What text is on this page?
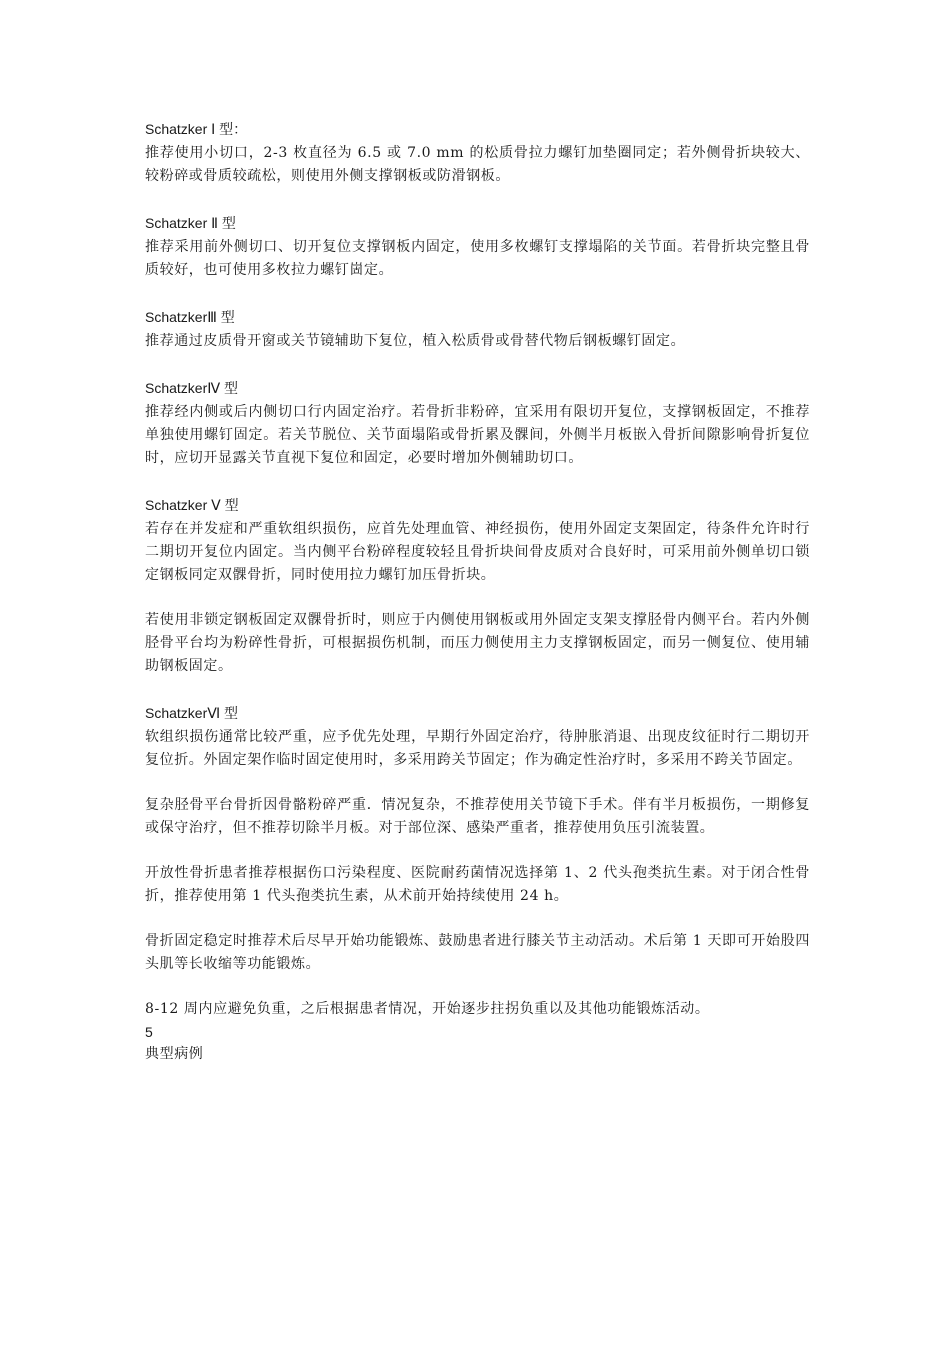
Schatzker Ⅰ 型：

推荐使用小切口，2-3 枚直径为 6.5 或 7.0 mm 的松质骨拉力螺钉加垫圈同定；若外侧骨折块较大、较粉碎或骨质较疏松，则使用外侧支撑钢板或防滑钢板。

Schatzker Ⅱ 型

推荐采用前外侧切口、切开复位支撑钢板内固定，使用多枚螺钉支撑塌陷的关节面。若骨折块完整且骨质较好，也可使用多枚拉力螺钉崮定。

SchatzkerⅢ 型

推荐通过皮质骨开窗或关节镜辅助下复位，植入松质骨或骨替代物后钢板螺钉固定。

SchatzkerⅣ 型

推荐经内侧或后内侧切口行内固定治疗。若骨折非粉碎，宜采用有限切开复位，支撑钢板固定，不推荐单独使用螺钉固定。若关节脱位、关节面塌陷或骨折累及髁间，外侧半月板嵌入骨折间隙影响骨折复位时，应切开显露关节直视下复位和固定，必要时增加外侧辅助切口。

Schatzker Ⅴ 型

若存在并发症和严重软组织损伤，应首先处理血管、神经损伤，使用外固定支架固定，待条件允许时行二期切开复位内固定。当内侧平台粉碎程度较轻且骨折块间骨皮质对合良好时，可采用前外侧单切口锁定钢板同定双髁骨折，同时使用拉力螺钉加压骨折块。

若使用非锁定钢板固定双髁骨折时，则应于内侧使用钢板或用外固定支架支撑胫骨内侧平台。若内外侧胫骨平台均为粉碎性骨折，可根据损伤机制，而压力侧使用主力支撑钢板固定，而另一侧复位、使用辅助钢板固定。

SchatzkerⅥ 型

软组织损伤通常比较严重，应予优先处理，早期行外固定治疗，待肿胀消退、出现皮纹征时行二期切开复位折。外固定架作临时固定使用时，多采用跨关节固定；作为确定性治疗时，多采用不跨关节固定。

复杂胫骨平台骨折因骨骼粉碎严重．情况复杂，不推荐使用关节镜下手术。伴有半月板损伤，一期修复或保守治疗，但不推荐切除半月板。对于部位深、感染严重者，推荐使用负压引流装置。

开放性骨折患者推荐根据伤口污染程度、医院耐药菌情况选择第 1、2 代头孢类抗生素。对于闭合性骨折，推荐使用第 1 代头孢类抗生素，从术前开始持续使用 24 h。

骨折固定稳定时推荐术后尽早开始功能锻炼、鼓励患者进行膝关节主动活动。术后第 1 天即可开始股四头肌等长收缩等功能锻炼。

8-12 周内应避免负重，之后根据患者情况，开始逐步拄拐负重以及其他功能锻炼活动。

5

典型病例
